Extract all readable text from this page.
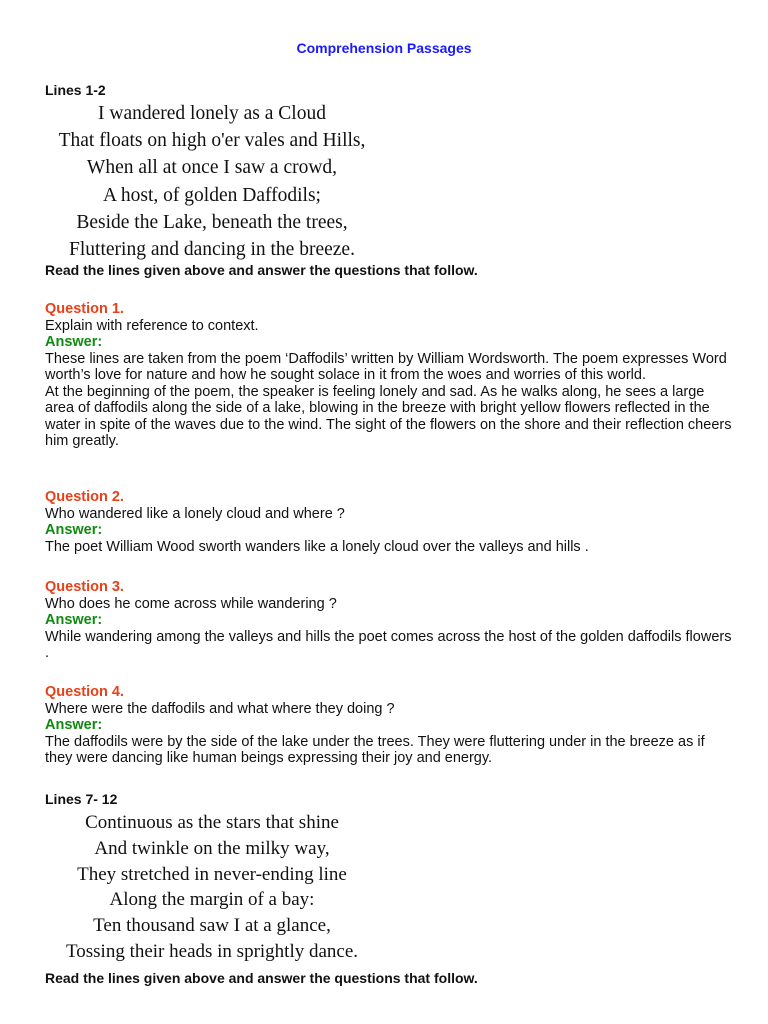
Comprehension Passages
Lines 1-2
I wandered lonely as a Cloud
That floats on high o'er vales and Hills,
When all at once I saw a crowd,
A host, of golden Daffodils;
Beside the Lake, beneath the trees,
Fluttering and dancing in the breeze.
Read the lines given above and answer the questions that follow.
Question 1.
Explain with reference to context.
Answer:

These lines are taken from the poem ‘Daffodils’ written by William Wordsworth. The poem expresses Word worth’s love for nature and how he sought solace in it from the woes and worries of this world.

At the beginning of the poem, the speaker is feeling lonely and sad. As he walks along, he sees a large area of daffodils along the side of a lake, blowing in the breeze with bright yellow flowers reflected in the water in spite of the waves due to the wind. The sight of the flowers on the shore and their reflection cheers him greatly.

Question 2.
Who wandered like a lonely cloud and where ?
Answer:

The poet William Wood sworth wanders like a lonely cloud over the valleys and hills .

Question 3.
Who does he come across while wandering ?
Answer:

While wandering among the valleys and hills the poet comes across the host of the golden daffodils flowers .

Question 4.
Where were the daffodils and what where they doing ?
Answer:

The daffodils were by the side of the lake under the trees. They were fluttering under in the breeze as if they were dancing like human beings expressing their joy and energy.

Lines 7- 12
Continuous as the stars that shine
And twinkle on the milky way,
They stretched in never-ending line
Along the margin of a bay:
Ten thousand saw I at a glance,
Tossing their heads in sprightly dance.
Read the lines given above and answer the questions that follow.
